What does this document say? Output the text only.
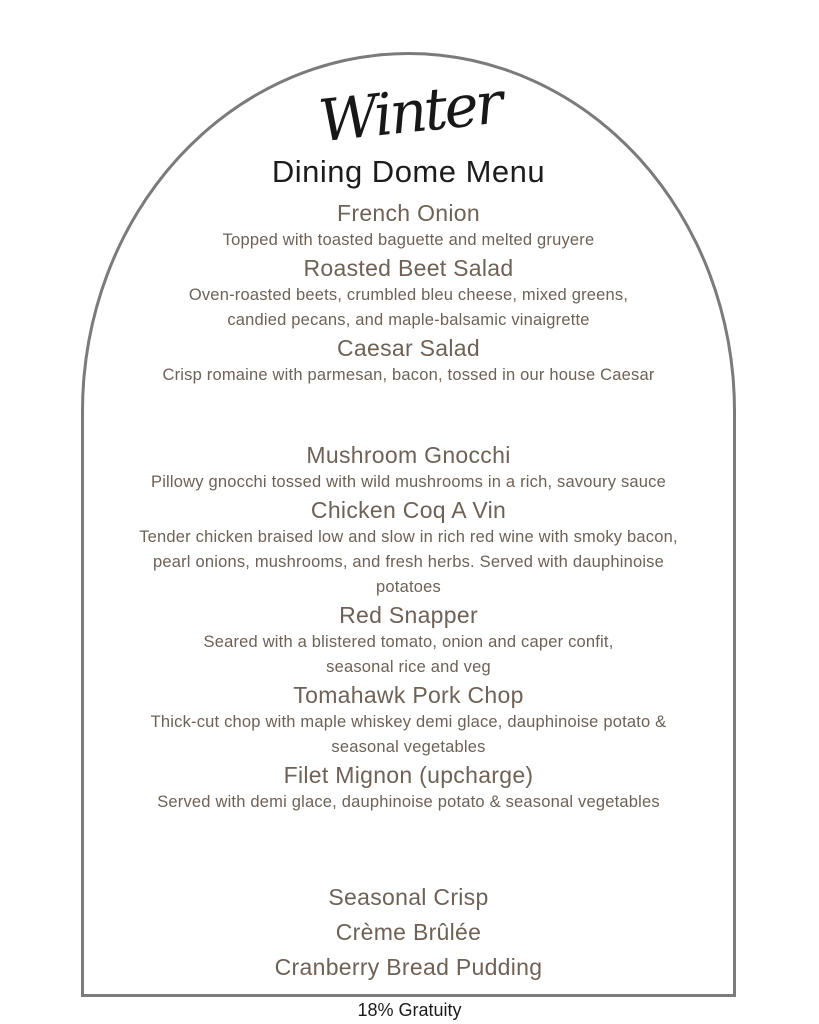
Winter
Dining Dome Menu
French Onion
Topped with toasted baguette and melted gruyere
Roasted Beet Salad
Oven-roasted beets, crumbled bleu cheese, mixed greens,
candied pecans, and maple-balsamic vinaigrette
Caesar Salad
Crisp romaine with parmesan, bacon, tossed in our house Caesar
Mushroom Gnocchi
Pillowy gnocchi tossed with wild mushrooms in a rich, savoury sauce
Chicken Coq A Vin
Tender chicken braised low and slow in rich red wine with smoky bacon,
pearl onions, mushrooms, and fresh herbs. Served with dauphinoise
potatoes
Red Snapper
Seared with a blistered tomato, onion and caper confit,
seasonal rice and veg
Tomahawk Pork Chop
Thick-cut chop with maple whiskey demi glace, dauphinoise potato &
seasonal vegetables
Filet Mignon (upcharge)
Served with demi glace, dauphinoise potato & seasonal vegetables
Seasonal Crisp
Crème Brûlée
Cranberry Bread Pudding
18% Gratuity
